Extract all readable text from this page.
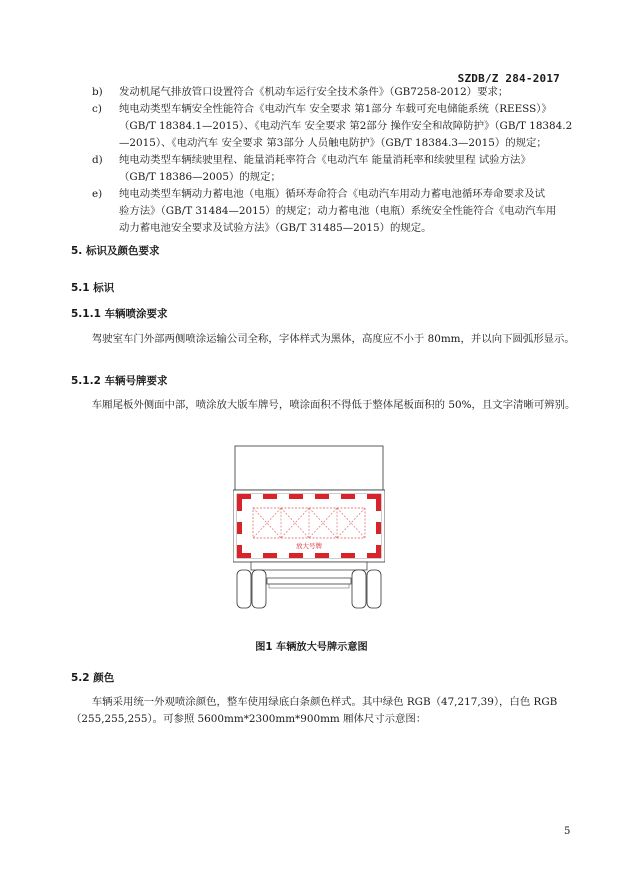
SZDB/Z 284-2017
b)	发动机尾气排放管口设置符合《机动车运行安全技术条件》（GB7258-2012）要求；
c)	纯电动类型车辆安全性能符合《电动汽车 安全要求 第1部分 车载可充电储能系统（REESS）》
（GB/T 18384.1—2015）、《电动汽车 安全要求 第2部分 操作安全和故障防护》（GB/T 18384.2
—2015）、《电动汽车 安全要求 第3部分 人员触电防护》（GB/T 18384.3—2015）的规定；
d)	纯电动类型车辆续驶里程、能量消耗率符合《电动汽车 能量消耗率和续驶里程 试验方法》
（GB/T 18386—2005）的规定；
e)	纯电动类型车辆动力蓄电池（电瓶）循环寿命符合《电动汽车用动力蓄电池循环寿命要求及试
验方法》（GB/T 31484—2015）的规定；动力蓄电池（电瓶）系统安全性能符合《电动汽车用
动力蓄电池安全要求及试验方法》（GB/T 31485—2015）的规定。
5. 标识及颜色要求
5.1 标识
5.1.1 车辆喷涂要求
驾驶室车门外部两侧喷涂运输公司全称，字体样式为黑体，高度应不小于 80mm，并以向下圆弧形显示。
5.1.2 车辆号牌要求
车厢尾板外侧面中部，喷涂放大版车牌号，喷涂面积不得低于整体尾板面积的 50%，且文字清晰可辨别。
放大号牌
图1 车辆放大号牌示意图
5.2 颜色
车辆采用统一外观喷涂颜色，整车使用绿底白条颜色样式。其中绿色 RGB（47,217,39），白色 RGB（255,255,255）。可参照 5600mm*2300mm*900mm 厢体尺寸示意图：
5
